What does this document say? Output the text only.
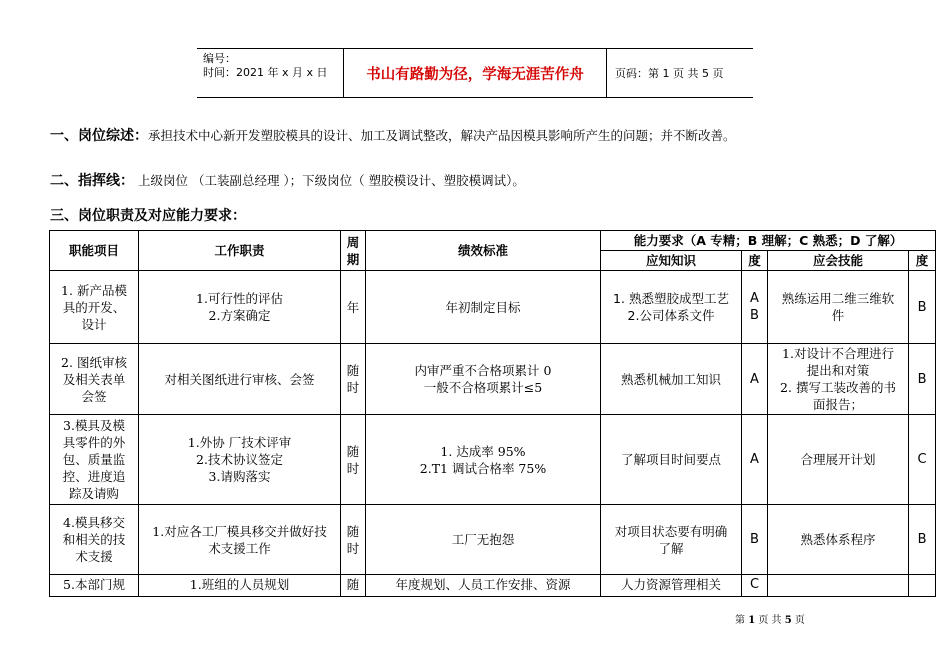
编号：
时间：2021 年 x 月 x 日	书山有路勤为径，学海无涯苦作舟	页码：第 1 页 共 5 页
一、岗位综述：承担技术中心新开发塑胶模具的设计、加工及调试整改，解决产品因模具影响所产生的问题；并不断改善。
二、指挥线： 上级岗位 （工装副总经理 ）；下级岗位（ 塑胶模设计、塑胶模调试）。
三、岗位职责及对应能力要求：
职能项目	工作职责	周期	绩效标准	能力要求（A 专精；B 理解；C 熟悉；D 了解）			
				应知知识	度	应会技能	度

1. 新产品模
具的开发、
设计	1.可行性的评估
2.方案确定	年	年初制定目标	1. 熟悉塑胶成型工艺
2.公司体系文件	A
B	熟练运用二维三维软
件	B

2. 图纸审核
及相关表单
会签	对相关图纸进行审核、会签	随
时	内审严重不合格项累计 0
一般不合格项累计≤5	熟悉机械加工知识	A	1.对设计不合理进行
提出和对策
2. 撰写工装改善的书
面报告；	B

3.模具及模
具零件的外
包、质量监
控、进度追
踪及请购	1.外协 厂技术评审
2.技术协议签定
3.请购落实	随
时	1. 达成率 95%
2.T1 调试合格率 75%	了解项目时间要点	A	合理展开计划	C

4.模具移交
和相关的技
术支援	1.对应各工厂模具移交并做好技
术支援工作	随
时	工厂无抱怨	对项目状态要有明确
了解	B	熟悉体系程序	B

5.本部门规	1.班组的人员规划	随	年度规划、人员工作安排、资源	人力资源管理相关	C		

第 1 页 共 5 页
